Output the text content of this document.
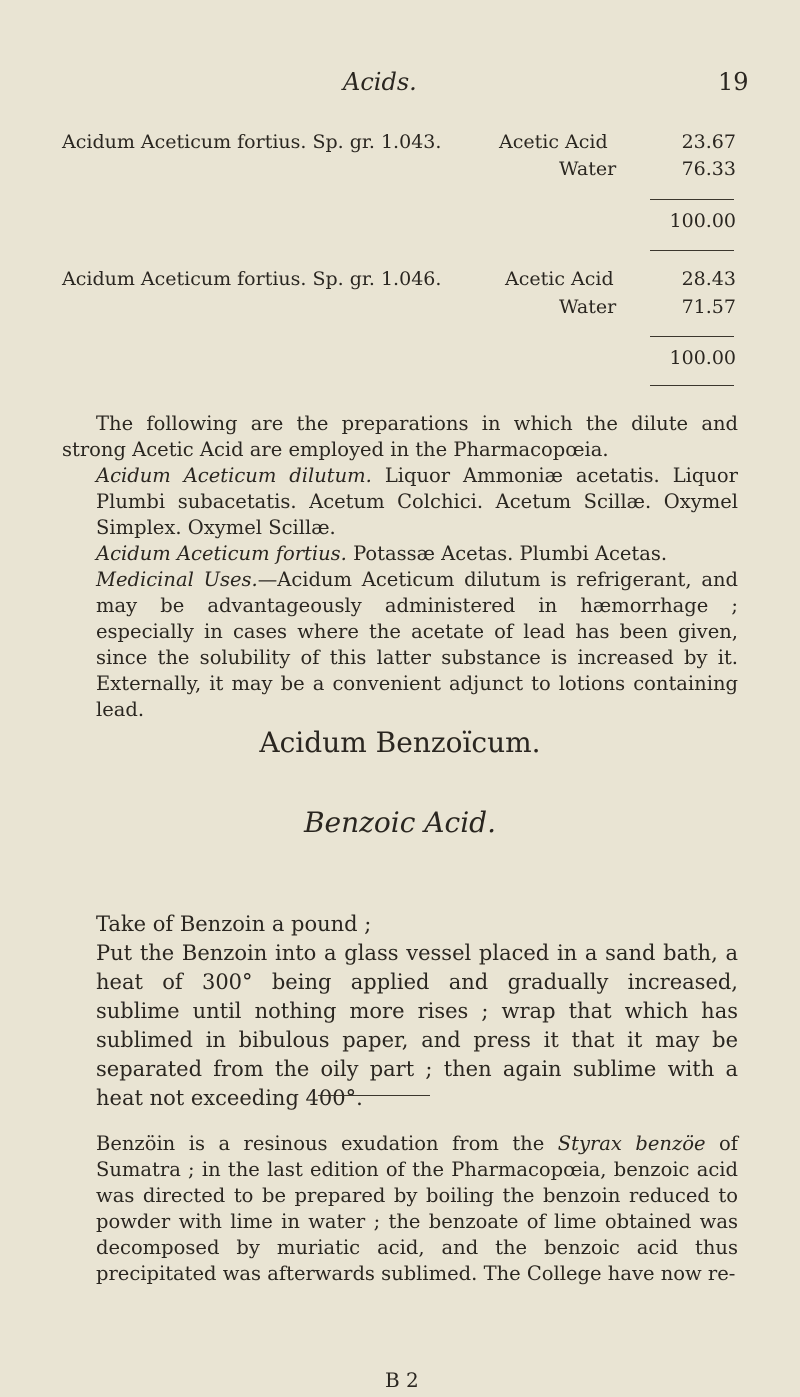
Acids.	19
Acidum Aceticum fortius. Sp. gr. 1.043.	Acetic Acid	23.67
Water	76.33
100.00
Acidum Aceticum fortius. Sp. gr. 1.046.	Acetic Acid	28.43
Water	71.57
100.00
The following are the preparations in which the dilute and strong Acetic Acid are employed in the Pharmacopœia.
Acidum Aceticum dilutum. Liquor Ammoniæ acetatis. Liquor Plumbi subacetatis. Acetum Colchici. Acetum Scillæ. Oxymel Simplex. Oxymel Scillæ.
Acidum Aceticum fortius. Potassæ Acetas. Plumbi Acetas.
Medicinal Uses.—Acidum Aceticum dilutum is refrigerant, and may be advantageously administered in hæmorrhage ; especially in cases where the acetate of lead has been given, since the solubility of this latter substance is increased by it. Externally, it may be a convenient adjunct to lotions containing lead.
Acidum Benzoïcum.
Benzoic Acid.
Take of Benzoin a pound ;
Put the Benzoin into a glass vessel placed in a sand bath, a heat of 300° being applied and gradually increased, sublime until nothing more rises ; wrap that which has sublimed in bibulous paper, and press it that it may be separated from the oily part ; then again sublime with a heat not exceeding 400°.
Benzöin is a resinous exudation from the Styrax benzöe of Sumatra ; in the last edition of the Pharmacopœia, benzoic acid was directed to be prepared by boiling the benzoin reduced to powder with lime in water ; the benzoate of lime obtained was decomposed by muriatic acid, and the benzoic acid thus precipitated was afterwards sublimed. The College have now re-
B 2
